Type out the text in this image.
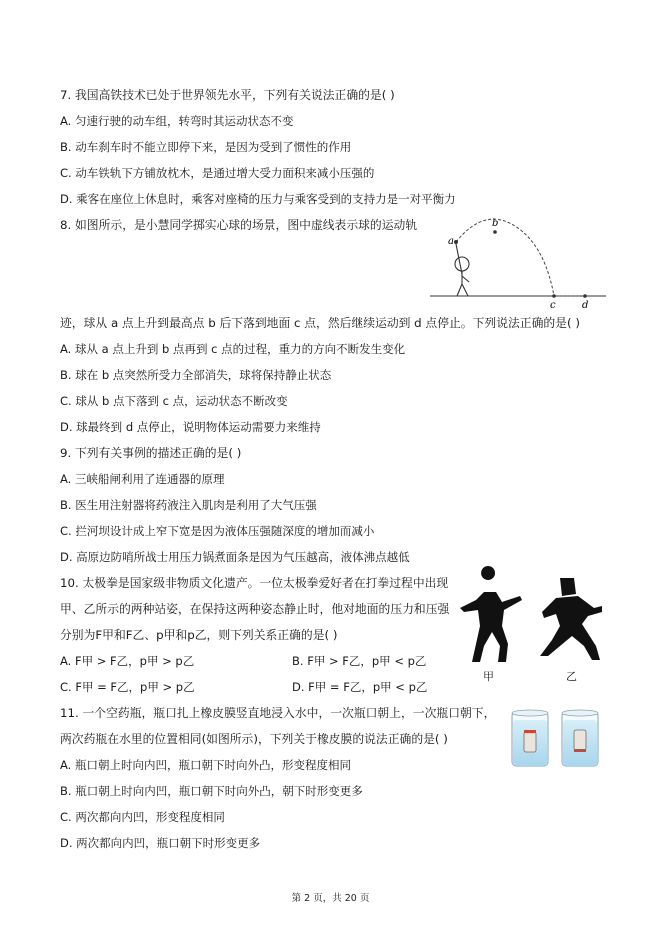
7. 我国高铁技术已处于世界领先水平，下列有关说法正确的是( )
A. 匀速行驶的动车组，转弯时其运动状态不变
B. 动车刹车时不能立即停下来，是因为受到了惯性的作用
C. 动车铁轨下方铺放枕木，是通过增大受力面积来减小压强的
D. 乘客在座位上休息时，乘客对座椅的压力与乘客受到的支持力是一对平衡力
8. 如图所示，是小慧同学掷实心球的场景，图中虚线表示球的运动轨
a
b
c	d
迹，球从 a 点上升到最高点 b 后下落到地面 c 点，然后继续运动到 d 点停止。下列说法正确的是( )
A. 球从 a 点上升到 b 点再到 c 点的过程，重力的方向不断发生变化
B. 球在 b 点突然所受力全部消失，球将保持静止状态
C. 球从 b 点下落到 c 点，运动状态不断改变
D. 球最终到 d 点停止，说明物体运动需要力来维持
9. 下列有关事例的描述正确的是( )
A. 三峡船闸利用了连通器的原理
B. 医生用注射器将药液注入肌肉是利用了大气压强
C. 拦河坝设计成上窄下宽是因为液体压强随深度的增加而减小
D. 高原边防哨所战士用压力锅煮面条是因为气压越高，液体沸点越低
10. 太极拳是国家级非物质文化遗产。一位太极拳爱好者在打拳过程中出现
甲、乙所示的两种站姿，在保持这两种姿态静止时，他对地面的压力和压强
分别为F甲和F乙、p甲和p乙，则下列关系正确的是( )
A. F甲 > F乙，p甲 > p乙	B. F甲 > F乙，p甲 < p乙
C. F甲 = F乙，p甲 > p乙	D. F甲 = F乙，p甲 < p乙
甲	乙
11. 一个空药瓶，瓶口扎上橡皮膜竖直地浸入水中，一次瓶口朝上，一次瓶口朝下，
两次药瓶在水里的位置相同(如图所示)，下列关于橡皮膜的说法正确的是( )
A. 瓶口朝上时向内凹，瓶口朝下时向外凸，形变程度相同
B. 瓶口朝上时向内凹，瓶口朝下时向外凸，朝下时形变更多
C. 两次都向内凹，形变程度相同
D. 两次都向内凹，瓶口朝下时形变更多
第 2 页，共 20 页
